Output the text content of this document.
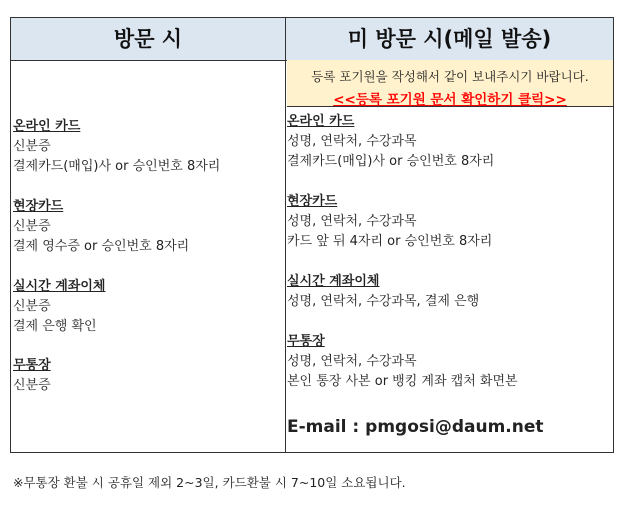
방문 시	미 방문 시(메일 발송)
온라인 카드
신분증
결제카드(매입)사 or 승인번호 8자리
현장카드
신분증
결제 영수증 or 승인번호 8자리
실시간 계좌이체
신분증
결제 은행 확인
무통장
신분증
등록 포기원을 작성해서 같이 보내주시기 바랍니다.
<<등록 포기원 문서 확인하기 클릭>>
온라인 카드
성명, 연락처, 수강과목
결제카드(매입)사 or 승인번호 8자리
현장카드
성명, 연락처, 수강과목
카드 앞 뒤 4자리 or 승인번호 8자리
실시간 계좌이체
성명, 연락처, 수강과목, 결제 은행
무통장
성명, 연락처, 수강과목
본인 통장 사본 or 뱅킹 계좌 캡처 화면본
E-mail : pmgosi@daum.net
※무통장 환불 시 공휴일 제외 2~3일, 카드환불 시 7~10일 소요됩니다.
